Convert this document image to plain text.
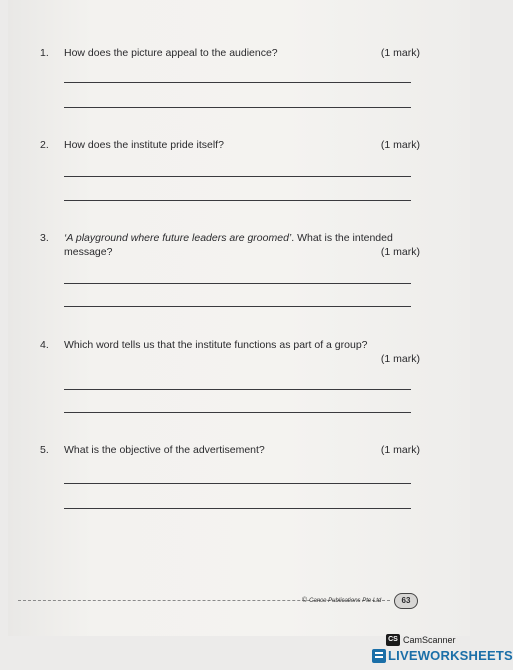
1.	How does the picture appeal to the audience?	(1 mark)
2.	How does the institute pride itself?	(1 mark)
3.	‘A playground where future leaders are groomed’. What is the intended
message?	(1 mark)
4.	Which word tells us that the institute functions as part of a group?
(1 mark)
5.	What is the objective of the advertisement?	(1 mark)
© Canco Publications Pte Ltd	63
CS CamScanner
LIVEWORKSHEETS
